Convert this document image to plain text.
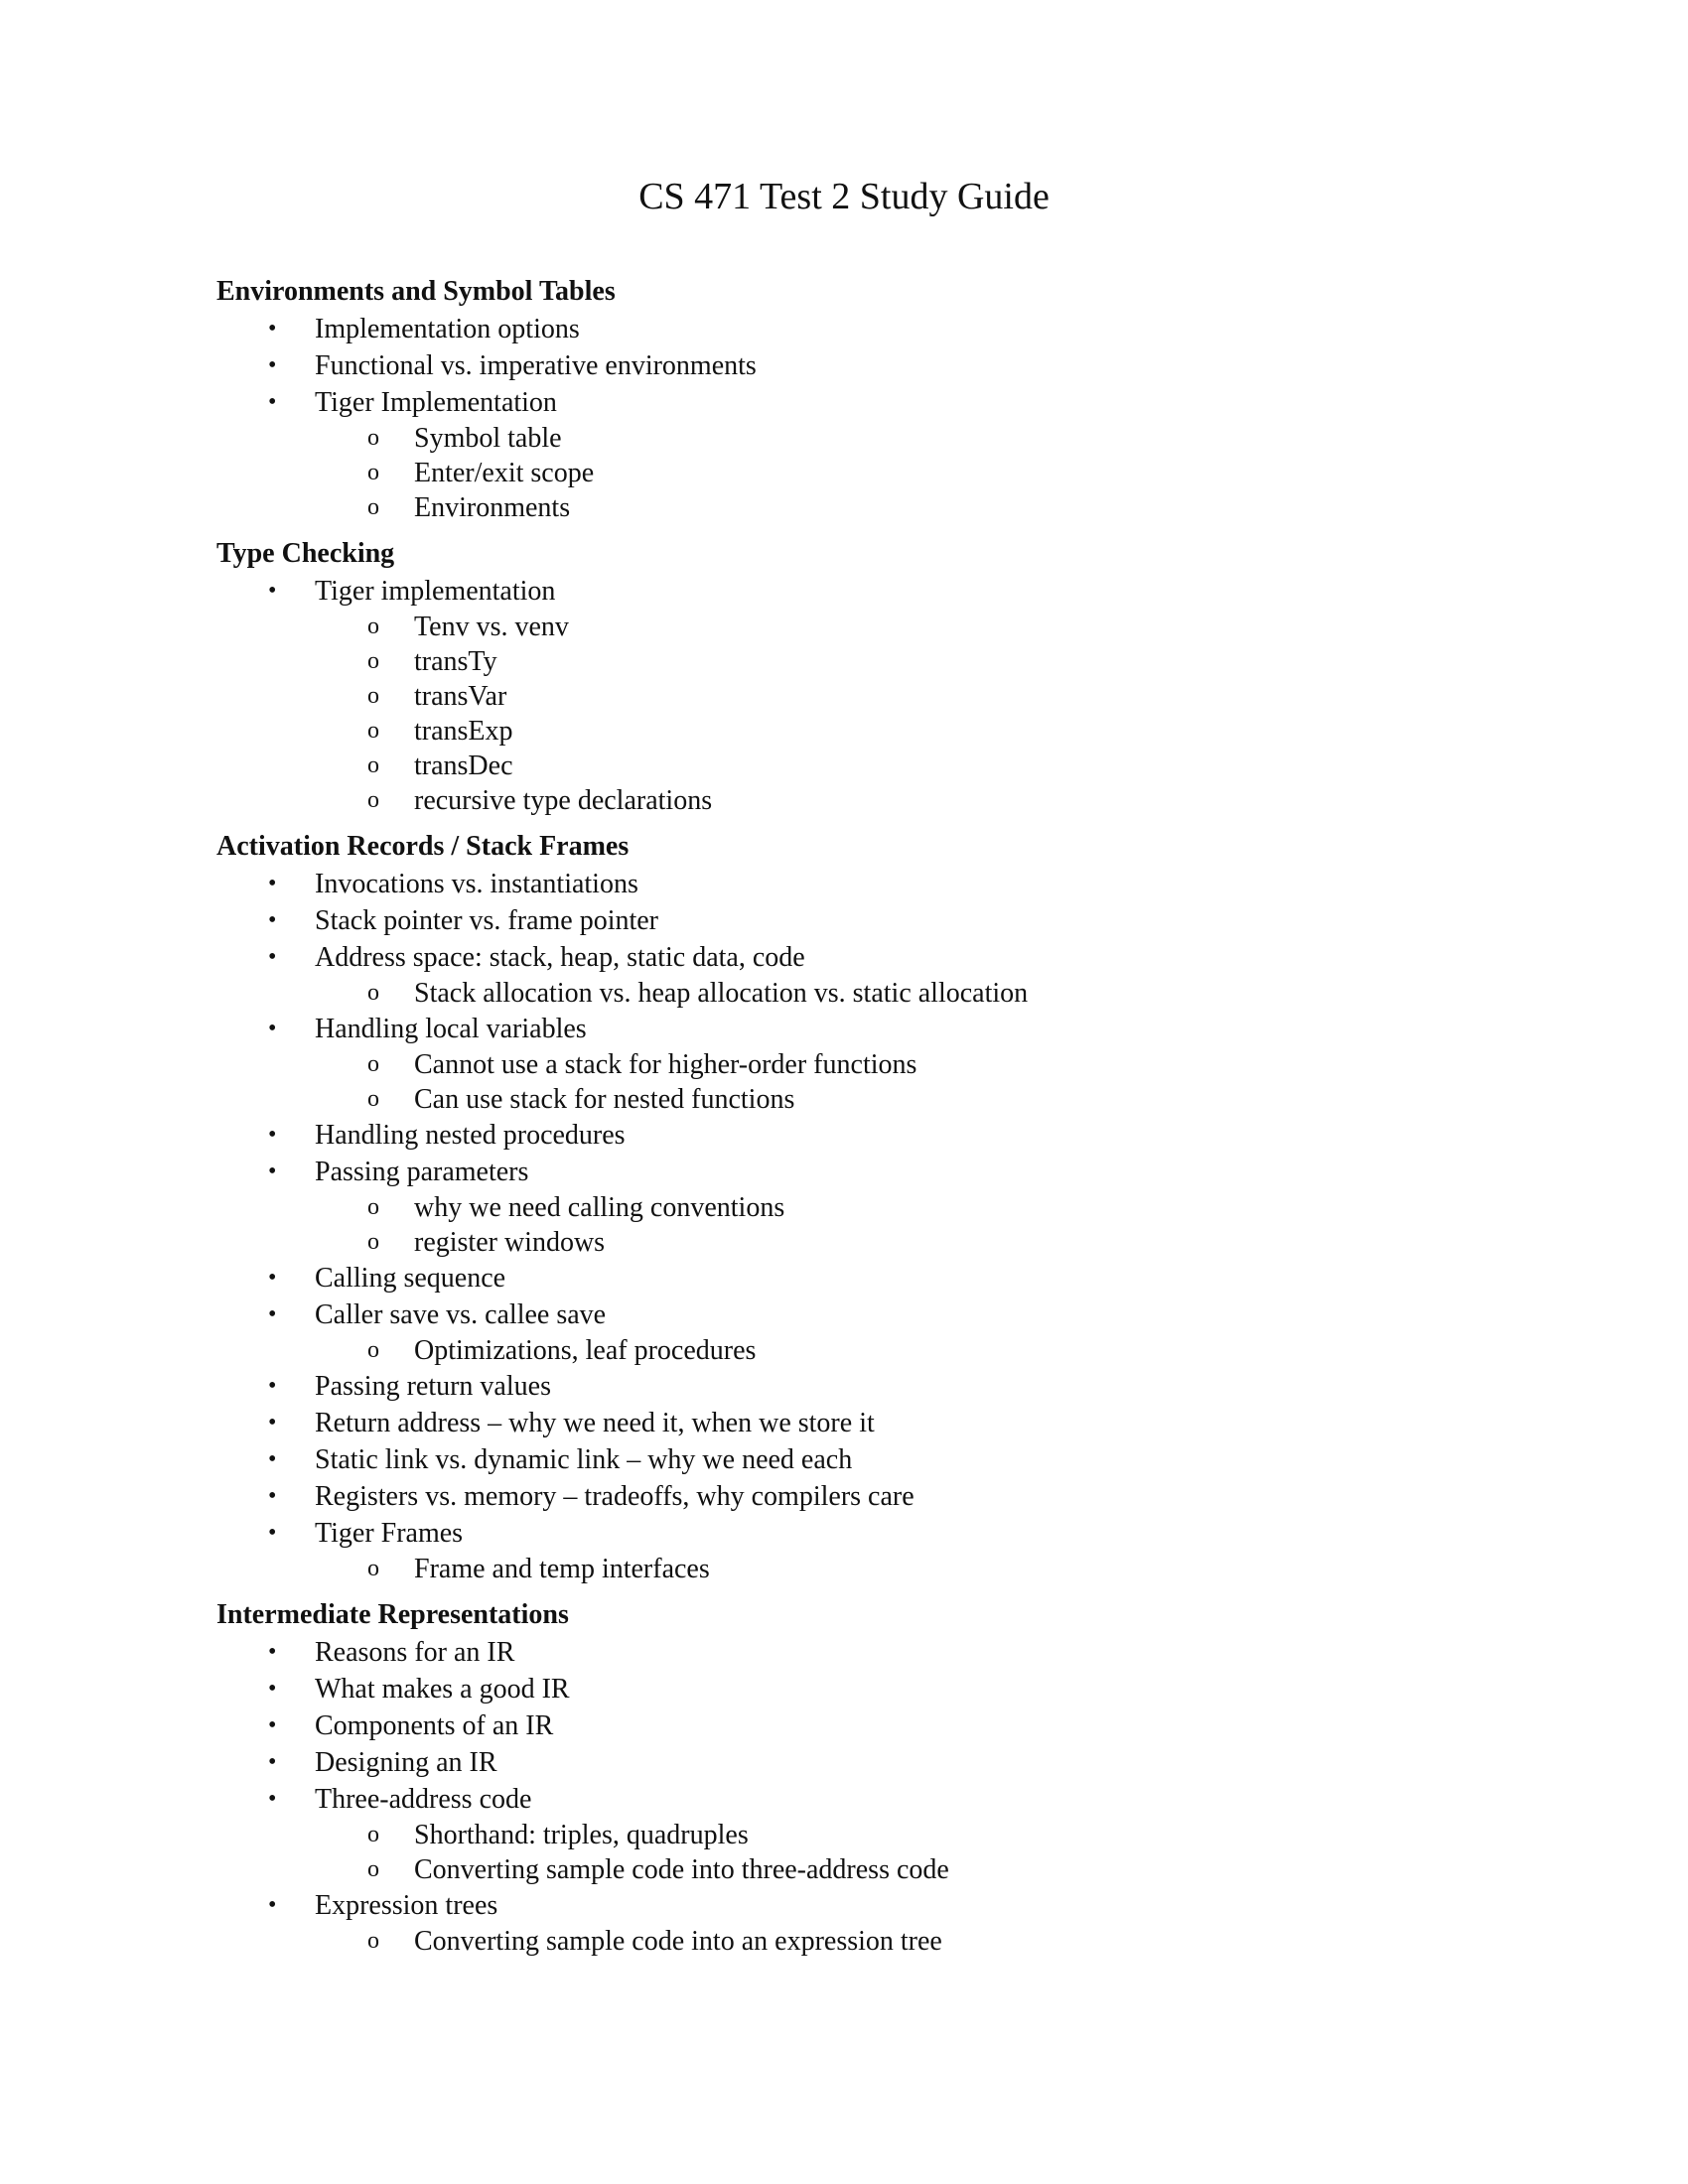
CS 471 Test 2 Study Guide
Environments and Symbol Tables
• Implementation options
• Functional vs. imperative environments
• Tiger Implementation
o Symbol table
o Enter/exit scope
o Environments
Type Checking
• Tiger implementation
o Tenv vs. venv
o transTy
o transVar
o transExp
o transDec
o recursive type declarations
Activation Records / Stack Frames
• Invocations vs. instantiations
• Stack pointer vs. frame pointer
• Address space: stack, heap, static data, code
o Stack allocation vs. heap allocation vs. static allocation
• Handling local variables
o Cannot use a stack for higher-order functions
o Can use stack for nested functions
• Handling nested procedures
• Passing parameters
o why we need calling conventions
o register windows
• Calling sequence
• Caller save vs. callee save
o Optimizations, leaf procedures
• Passing return values
• Return address – why we need it, when we store it
• Static link vs. dynamic link – why we need each
• Registers vs. memory – tradeoffs, why compilers care
• Tiger Frames
o Frame and temp interfaces
Intermediate Representations
• Reasons for an IR
• What makes a good IR
• Components of an IR
• Designing an IR
• Three-address code
o Shorthand: triples, quadruples
o Converting sample code into three-address code
• Expression trees
o Converting sample code into an expression tree
